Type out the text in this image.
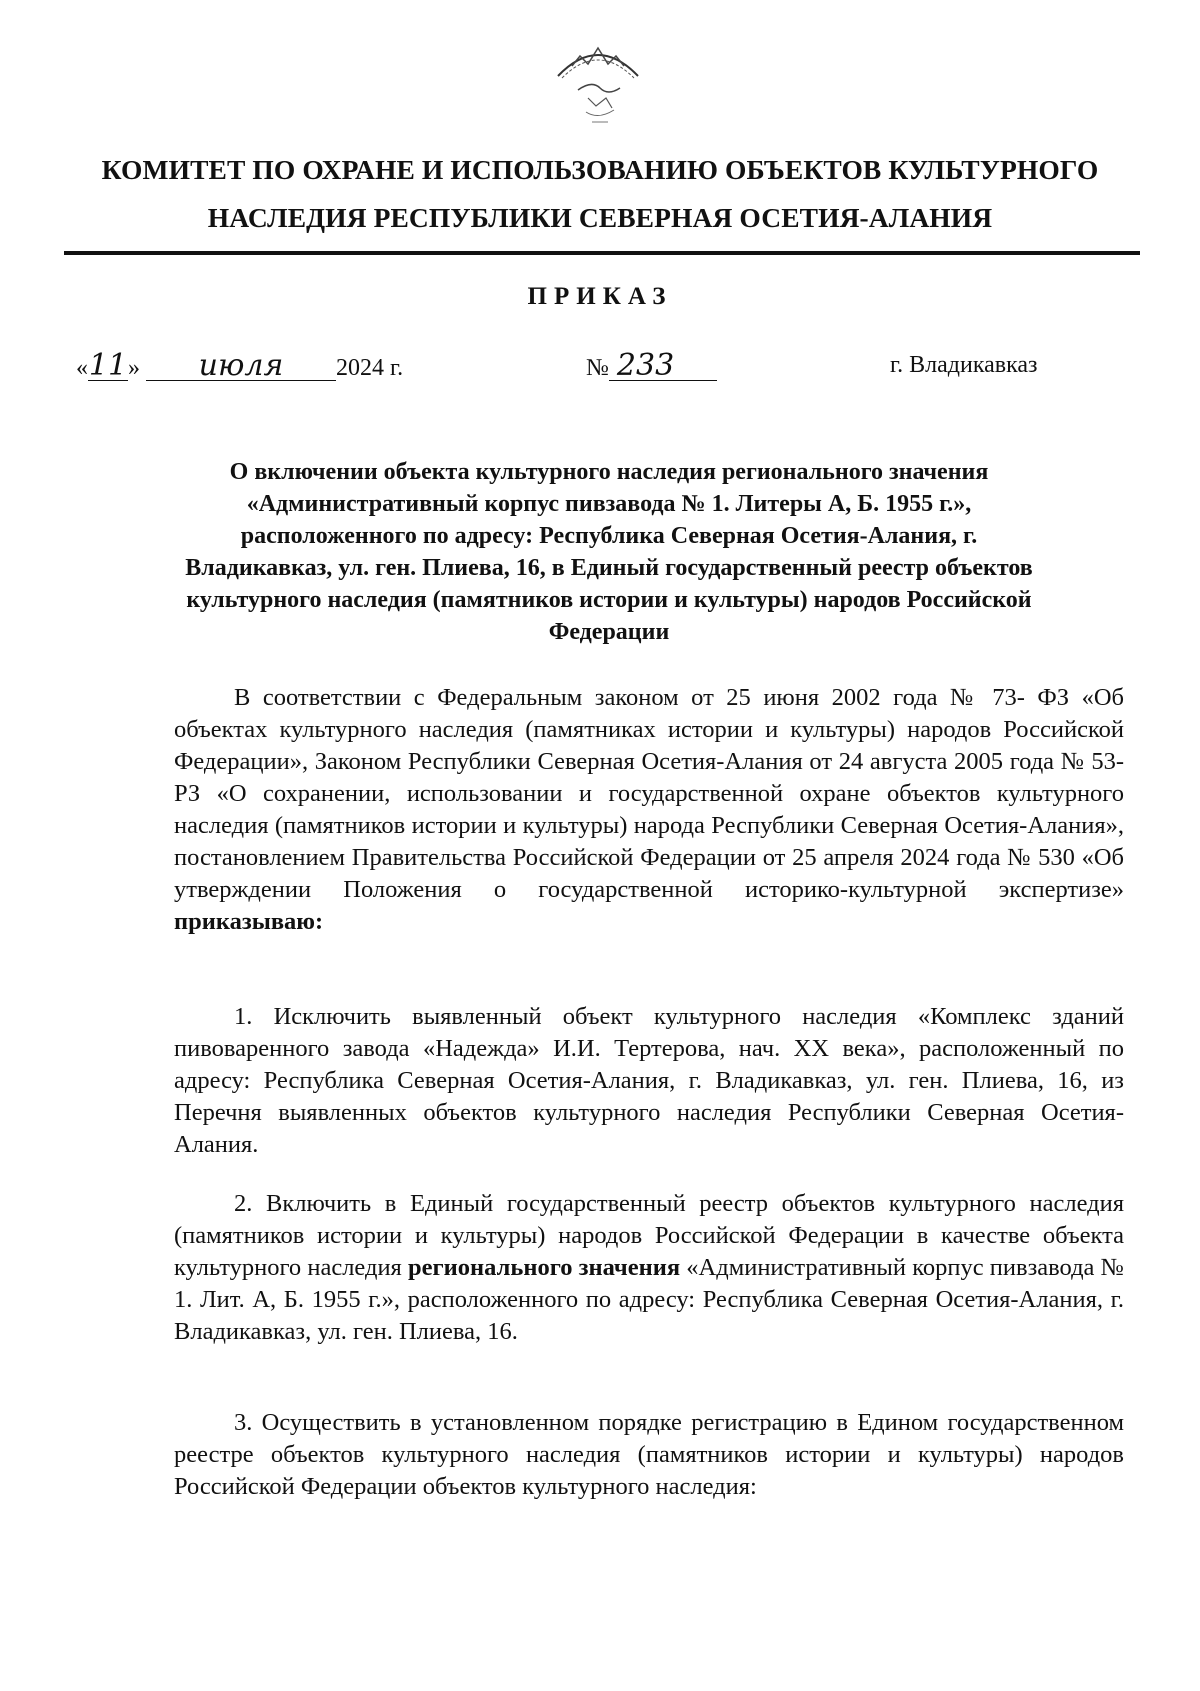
КОМИТЕТ ПО ОХРАНЕ И ИСПОЛЬЗОВАНИЮ ОБЪЕКТОВ КУЛЬТУРНОГО
НАСЛЕДИЯ РЕСПУБЛИКИ СЕВЕРНАЯ ОСЕТИЯ-АЛАНИЯ
ПРИКАЗ
«11» июля 2024 г.	№ 233	г. Владикавказ
О включении объекта культурного наследия регионального значения «Административный корпус пивзавода № 1. Литеры А, Б. 1955 г.», расположенного по адресу: Республика Северная Осетия-Алания, г. Владикавказ, ул. ген. Плиева, 16, в Единый государственный реестр объектов культурного наследия (памятников истории и культуры) народов Российской Федерации

В соответствии с Федеральным законом от 25 июня 2002 года № 73- ФЗ «Об объектах культурного наследия (памятниках истории и культуры) народов Российской Федерации», Законом Республики Северная Осетия-Алания от 24 августа 2005 года № 53-РЗ «О сохранении, использовании и государственной охране объектов культурного наследия (памятников истории и культуры) народа Республики Северная Осетия-Алания», постановлением Правительства Российской Федерации от 25 апреля 2024 года № 530 «Об утверждении Положения о государственной историко-культурной экспертизе» приказываю:

1. Исключить выявленный объект культурного наследия «Комплекс зданий пивоваренного завода «Надежда» И.И. Тертерова, нач. XX века», расположенный по адресу: Республика Северная Осетия-Алания, г. Владикавказ, ул. ген. Плиева, 16, из Перечня выявленных объектов культурного наследия Республики Северная Осетия-Алания.

2. Включить в Единый государственный реестр объектов культурного наследия (памятников истории и культуры) народов Российской Федерации в качестве объекта культурного наследия регионального значения «Административный корпус пивзавода № 1. Лит. А, Б. 1955 г.», расположенного по адресу: Республика Северная Осетия-Алания, г. Владикавказ, ул. ген. Плиева, 16.

3. Осуществить в установленном порядке регистрацию в Едином государственном реестре объектов культурного наследия (памятников истории и культуры) народов Российской Федерации объектов культурного наследия:
